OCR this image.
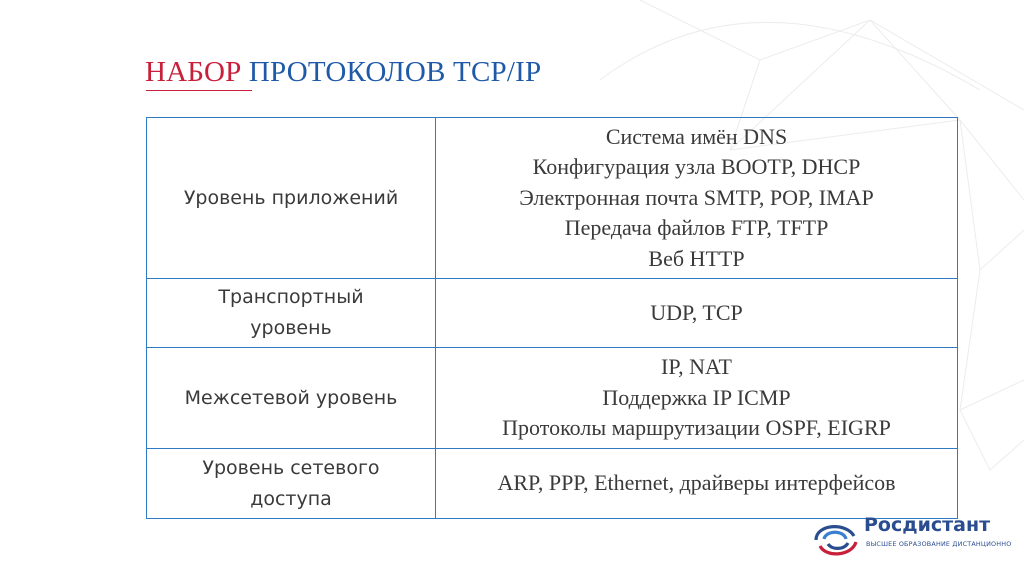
НАБОР ПРОТОКОЛОВ TCP/IP
Уровень приложений	Система имён DNS
Конфигурация узла BOOTP, DHCP
Электронная почта SMTP, POP, IMAP
Передача файлов FTP, TFTP
Веб HTTP

Транспортный
уровень	UDP, TCP

Межсетевой уровень	IP, NAT
Поддержка IP ICMP
Протоколы маршрутизации OSPF, EIGRP

Уровень сетевого
доступа	ARP, PPP, Ethernet, драйверы интерфейсов
Росдистант
ВЫСШЕЕ ОБРАЗОВАНИЕ ДИСТАНЦИОННО
